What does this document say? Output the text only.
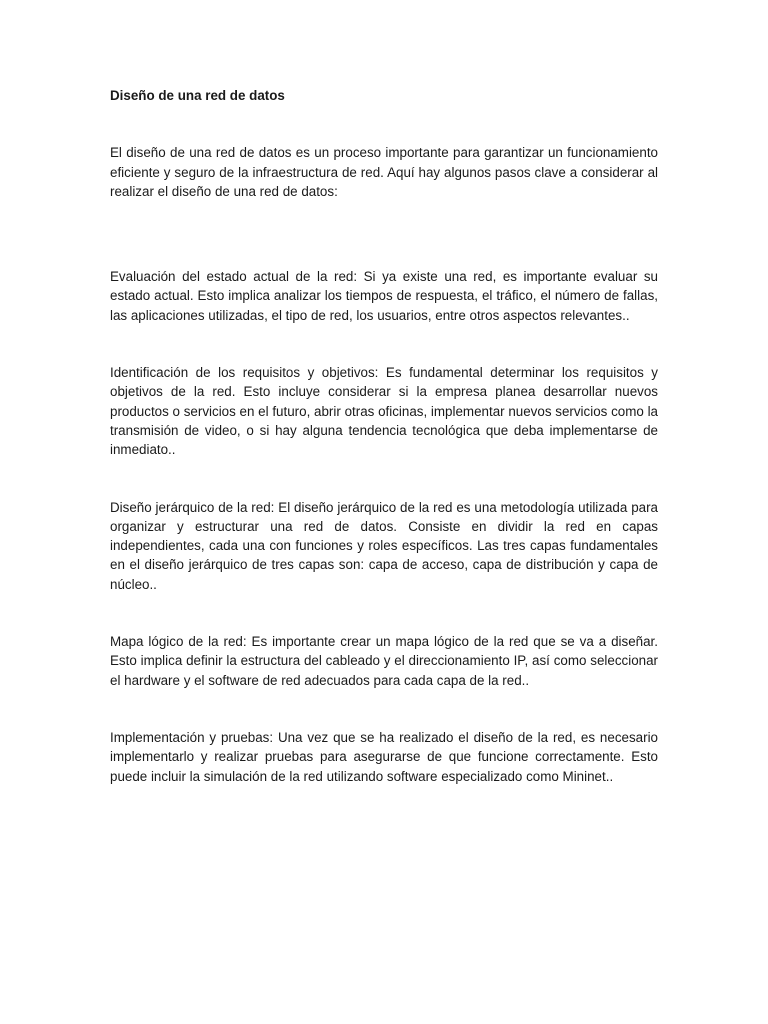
Diseño de una red de datos

El diseño de una red de datos es un proceso importante para garantizar un funcionamiento eficiente y seguro de la infraestructura de red. Aquí hay algunos pasos clave a considerar al realizar el diseño de una red de datos:

Evaluación del estado actual de la red: Si ya existe una red, es importante evaluar su estado actual. Esto implica analizar los tiempos de respuesta, el tráfico, el número de fallas, las aplicaciones utilizadas, el tipo de red, los usuarios, entre otros aspectos relevantes..

Identificación de los requisitos y objetivos: Es fundamental determinar los requisitos y objetivos de la red. Esto incluye considerar si la empresa planea desarrollar nuevos productos o servicios en el futuro, abrir otras oficinas, implementar nuevos servicios como la transmisión de video, o si hay alguna tendencia tecnológica que deba implementarse de inmediato..

Diseño jerárquico de la red: El diseño jerárquico de la red es una metodología utilizada para organizar y estructurar una red de datos. Consiste en dividir la red en capas independientes, cada una con funciones y roles específicos. Las tres capas fundamentales en el diseño jerárquico de tres capas son: capa de acceso, capa de distribución y capa de núcleo..

Mapa lógico de la red: Es importante crear un mapa lógico de la red que se va a diseñar. Esto implica definir la estructura del cableado y el direccionamiento IP, así como seleccionar el hardware y el software de red adecuados para cada capa de la red..

Implementación y pruebas: Una vez que se ha realizado el diseño de la red, es necesario implementarlo y realizar pruebas para asegurarse de que funcione correctamente. Esto puede incluir la simulación de la red utilizando software especializado como Mininet..
